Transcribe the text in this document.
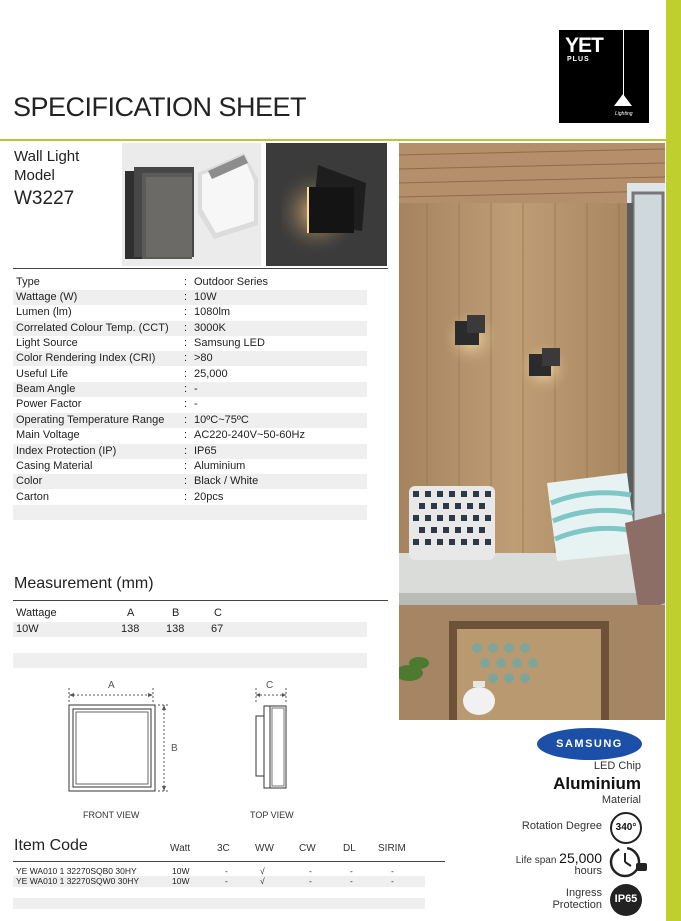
YET
PLUS
Lighting
SPECIFICATION SHEET
Wall Light
Model
W3227
Type	: Outdoor Series
Wattage (W)	: 10W
Lumen (lm)	: 1080lm
Correlated Colour Temp. (CCT) : 3000K
Light Source	: Samsung LED
Color Rendering Index (CRI)	: >80
Useful Life	: 25,000
Beam Angle	: -
Power Factor	: -
Operating Temperature Range : 10ºC~75ºC
Main Voltage	: AC220-240V~50-60Hz
Index Protection (IP)	: IP65
Casing Material	: Aluminium
Color	: Black / White
Carton	: 20pcs
Measurement (mm)
Wattage	A	B	C
10W	138 138 67
A
B
C
FRONT VIEW	TOP VIEW
Item Code	Watt	3C	WW	CW	DL SIRIM
YE WA010 1 32270SQB0 30HY	10W	-	√	-	-	-
YE WA010 1 32270SQW0 30HY	10W	-	√	-	-	-
SAMSUNG
LED Chip
Aluminium
Material
Rotation Degree	340°
Life span 25,000
hours
Ingress
Protection	IP65
